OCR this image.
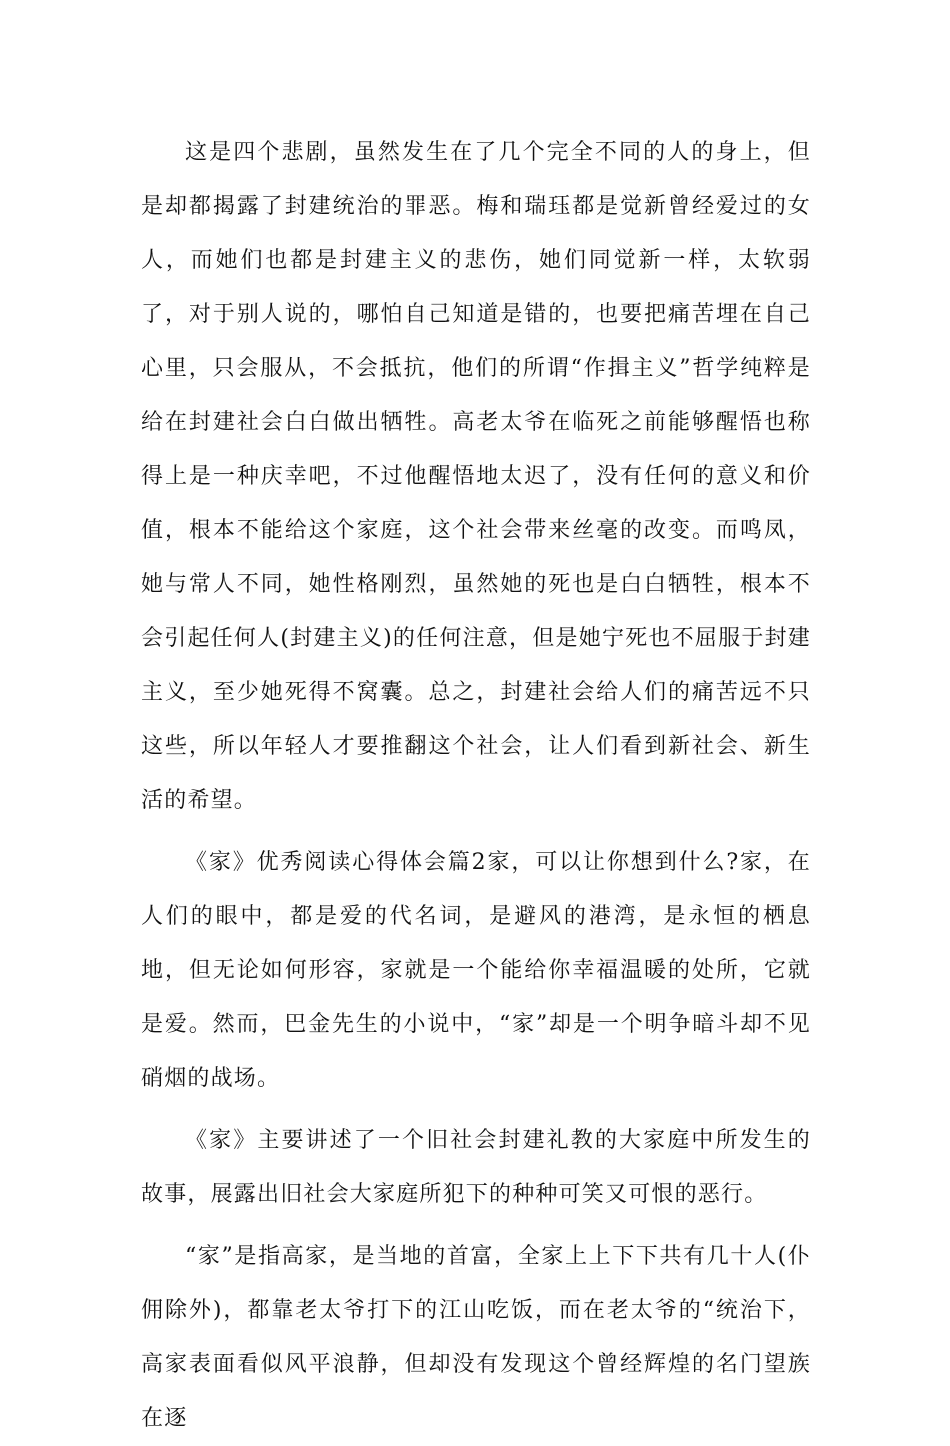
这是四个悲剧，虽然发生在了几个完全不同的人的身上，但是却都揭露了封建统治的罪恶。梅和瑞珏都是觉新曾经爱过的女人，而她们也都是封建主义的悲伤，她们同觉新一样，太软弱了，对于别人说的，哪怕自己知道是错的，也要把痛苦埋在自己心里，只会服从，不会抵抗，他们的所谓“作揖主义”哲学纯粹是给在封建社会白白做出牺牲。高老太爷在临死之前能够醒悟也称得上是一种庆幸吧，不过他醒悟地太迟了，没有任何的意义和价值，根本不能给这个家庭，这个社会带来丝毫的改变。而鸣凤，她与常人不同，她性格刚烈，虽然她的死也是白白牺牲，根本不会引起任何人(封建主义)的任何注意，但是她宁死也不屈服于封建主义，至少她死得不窝囊。总之，封建社会给人们的痛苦远不只这些，所以年轻人才要推翻这个社会，让人们看到新社会、新生活的希望。

《家》优秀阅读心得体会篇2家，可以让你想到什么?家，在人们的眼中，都是爱的代名词，是避风的港湾，是永恒的栖息地，但无论如何形容，家就是一个能给你幸福温暖的处所，它就是爱。然而，巴金先生的小说中，“家”却是一个明争暗斗却不见硝烟的战场。

《家》主要讲述了一个旧社会封建礼教的大家庭中所发生的故事，展露出旧社会大家庭所犯下的种种可笑又可恨的恶行。

“家”是指高家，是当地的首富，全家上上下下共有几十人(仆佣除外)，都靠老太爷打下的江山吃饭，而在老太爷的“统治下，高家表面看似风平浪静，但却没有发现这个曾经辉煌的名门望族在逐
